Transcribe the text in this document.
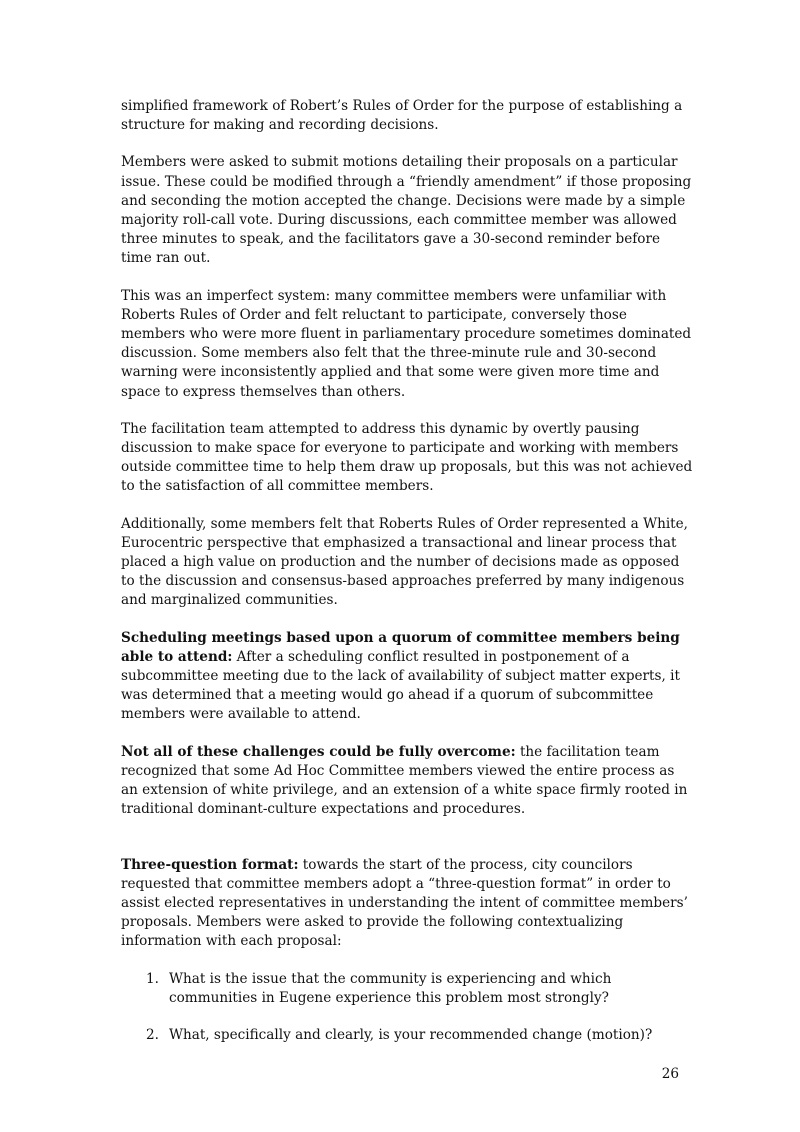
simplified framework of Robert’s Rules of Order for the purpose of establishing a structure for making and recording decisions.

Members were asked to submit motions detailing their proposals on a particular issue. These could be modified through a “friendly amendment” if those proposing and seconding the motion accepted the change. Decisions were made by a simple majority roll-call vote. During discussions, each committee member was allowed three minutes to speak, and the facilitators gave a 30-second reminder before time ran out.

This was an imperfect system: many committee members were unfamiliar with Roberts Rules of Order and felt reluctant to participate, conversely those members who were more fluent in parliamentary procedure sometimes dominated discussion. Some members also felt that the three-minute rule and 30-second warning were inconsistently applied and that some were given more time and space to express themselves than others.

The facilitation team attempted to address this dynamic by overtly pausing discussion to make space for everyone to participate and working with members outside committee time to help them draw up proposals, but this was not achieved to the satisfaction of all committee members.

Additionally, some members felt that Roberts Rules of Order represented a White, Eurocentric perspective that emphasized a transactional and linear process that placed a high value on production and the number of decisions made as opposed to the discussion and consensus-based approaches preferred by many indigenous and marginalized communities.

Scheduling meetings based upon a quorum of committee members being able to attend: After a scheduling conflict resulted in postponement of a subcommittee meeting due to the lack of availability of subject matter experts, it was determined that a meeting would go ahead if a quorum of subcommittee members were available to attend.

Not all of these challenges could be fully overcome: the facilitation team recognized that some Ad Hoc Committee members viewed the entire process as an extension of white privilege, and an extension of a white space firmly rooted in traditional dominant-culture expectations and procedures.

Three-question format: towards the start of the process, city councilors requested that committee members adopt a “three-question format” in order to assist elected representatives in understanding the intent of committee members’ proposals. Members were asked to provide the following contextualizing information with each proposal:

1. What is the issue that the community is experiencing and which communities in Eugene experience this problem most strongly?
2. What, specifically and clearly, is your recommended change (motion)?
26
